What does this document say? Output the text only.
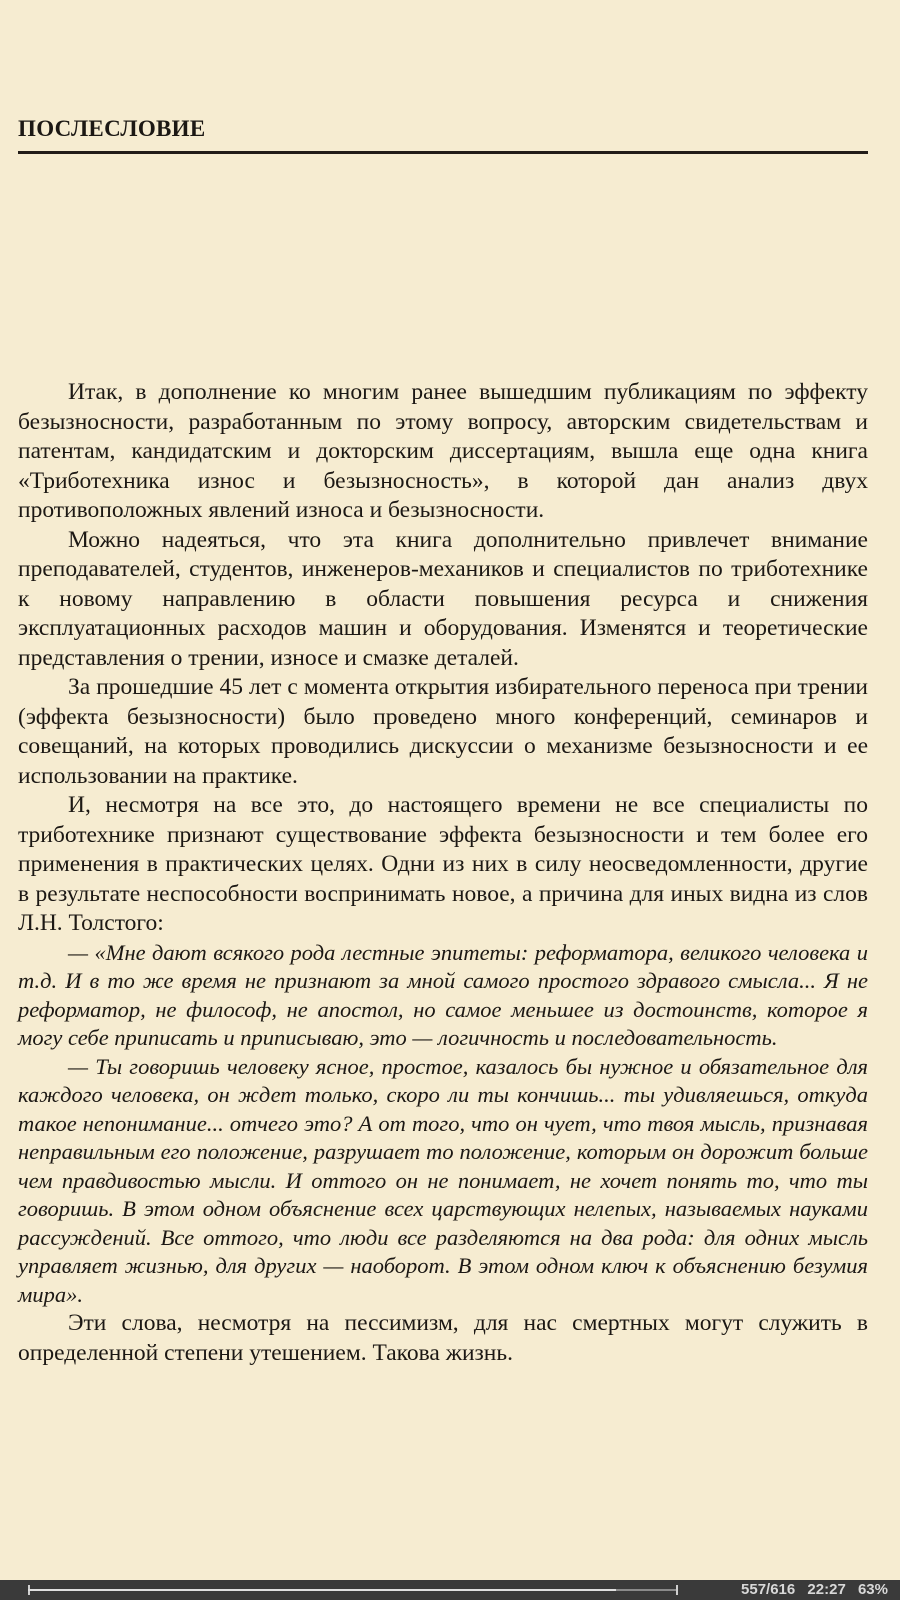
ПОСЛЕСЛОВИЕ

Итак, в дополнение ко многим ранее вышедшим публикациям по эффекту безызносности, разработанным по этому вопросу, авторским свидетельствам и патентам, кандидатским и докторским диссертациям, вышла еще одна книга «Триботехника износ и безызносность», в которой дан анализ двух противоположных явлений износа и безызносности.

Можно надеяться, что эта книга дополнительно привлечет внимание преподавателей, студентов, инженеров-механиков и специалистов по триботехнике к новому направлению в области повышения ресурса и снижения эксплуатационных расходов машин и оборудования. Изменятся и теоретические представления о трении, износе и смазке деталей.

За прошедшие 45 лет с момента открытия избирательного переноса при трении (эффекта безызносности) было проведено много конференций, семинаров и совещаний, на которых проводились дискуссии о механизме безызносности и ее использовании на практике.

И, несмотря на все это, до настоящего времени не все специалисты по триботехнике признают существование эффекта безызносности и тем более его применения в практических целях. Одни из них в силу неосведомленности, другие в результате неспособности воспринимать новое, а причина для иных видна из слов Л.Н. Толстого:

— «Мне дают всякого рода лестные эпитеты: реформатора, великого человека и т.д. И в то же время не признают за мной самого простого здравого смысла... Я не реформатор, не философ, не апостол, но самое меньшее из достоинств, которое я могу себе приписать и приписываю, это — логичность и последовательность.

— Ты говоришь человеку ясное, простое, казалось бы нужное и обязательное для каждого человека, он ждет только, скоро ли ты кончишь... ты удивляешься, откуда такое непонимание... отчего это? А от того, что он чует, что твоя мысль, признавая неправильным его положение, разрушает то положение, которым он дорожит больше чем правдивостью мысли. И оттого он не понимает, не хочет понять то, что ты говоришь. В этом одном объяснение всех царствующих нелепых, называемых науками рассуждений. Все оттого, что люди все разделяются на два рода: для одних мысль управляет жизнью, для других — наоборот. В этом одном ключ к объяснению безумия мира».

Эти слова, несмотря на пессимизм, для нас смертных могут служить в определенной степени утешением. Такова жизнь.

557/616 22:27 63%
